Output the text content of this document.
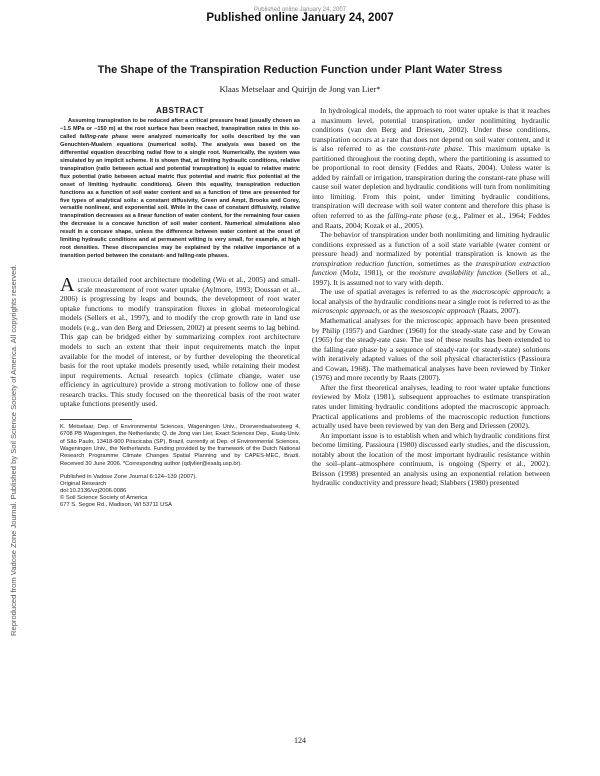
Published online January 24, 2007
Published online January 24, 2007
Reproduced from Vadose Zone Journal. Published by Soil Science Society of America. All copyrights reserved.
The Shape of the Transpiration Reduction Function under Plant Water Stress
Klaas Metselaar and Quirijn de Jong van Lier*
ABSTRACT

Assuming transpiration to be reduced after a critical pressure head (usually chosen as −1.5 MPa or −150 m) at the root surface has been reached, transpiration rates in this so-called falling-rate phase were analyzed numerically for soils described by the van Genuchten-Mualem equations (numerical soils). The analysis was based on the differential equation describing radial flow to a single root. Numerically, the system was simulated by an implicit scheme. It is shown that, at limiting hydraulic conditions, relative transpiration (ratio between actual and potential transpiration) is equal to relative matric flux potential (ratio between actual matric flux potential and matric flux potential at the onset of limiting hydraulic conditions). Given this equality, transpiration reduction functions as a function of soil water content and as a function of time are presented for five types of analytical soils: a constant diffusivity, Green and Ampt, Brooks and Corey, versatile nonlinear, and exponential soil. While in the case of constant diffusivity, relative transpiration decreases as a linear function of water content, for the remaining four cases the decrease is a concave function of soil water content. Numerical simulations also result in a concave shape, unless the difference between water content at the onset of limiting hydraulic conditions and at permanent wilting is very small, for example, at high root densities. These discrepancies may be explained by the relative importance of a transition period between the constant- and falling-rate phases.

Although detailed root architecture modeling (Wu et al., 2005) and small-scale measurement of root water uptake (Aylmore, 1993; Doussan et al., 2006) is progressing by leaps and bounds, the development of root water uptake functions to modify transpiration fluxes in global meteorological models (Sellers et al., 1997), and to modify the crop growth rate in land use models (e.g., van den Berg and Driessen, 2002) at present seems to lag behind. This gap can be bridged either by summarizing complex root architecture models to such an extent that their input requirements match the input available for the model of interest, or by further developing the theoretical basis for the root uptake models presently used, while retaining their modest input requirements. Actual research topics (climate change, water use efficiency in agriculture) provide a strong motivation to follow one of these research tracks. This study focused on the theoretical basis of the root water uptake functions presently used.

K. Metselaar, Dep. of Environmental Sciences, Wageningen Univ., Droevendaalsesteeg 4, 6708 PB Wageningen, the Netherlands; Q. de Jong van Lier, Exact Sciences Dep., Esalq-Univ. of São Paulo, 13418-900 Piracicaba (SP), Brazil, currently at Dep. of Environmental Sciences, Wageningen Univ., the Netherlands. Funding provided by the framework of the Dutch National Research Programme Climate Changes Spatial Planning and by CAPES-MEC, Brazil. Received 30 June 2006. *Corresponding author (qdjvlier@esalq.usp.br).

Published in Vadose Zone Journal 6:124–139 (2007).
Original Research
doi:10.2136/vzj2006.0086
© Soil Science Society of America
677 S. Segoe Rd., Madison, WI 53711 USA

In hydrological models, the approach to root water uptake is that it reaches a maximum level, potential transpiration, under nonlimiting hydraulic conditions (van den Berg and Driessen, 2002). Under these conditions, transpiration occurs at a rate that does not depend on soil water content, and it is also referred to as the constant-rate phase. This maximum uptake is partitioned throughout the rooting depth, where the partitioning is assumed to be proportional to root density (Feddes and Raats, 2004). Unless water is added by rainfall or irrigation, transpiration during the constant-rate phase will cause soil water depletion and hydraulic conditions will turn from nonlimiting into limiting. From this point, under limiting hydraulic conditions, transpiration will decrease with soil water content and therefore this phase is often referred to as the falling-rate phase (e.g., Palmer et al., 1964; Feddes and Raats, 2004; Kozak et al., 2005).

The behavior of transpiration under both nonlimiting and limiting hydraulic conditions expressed as a function of a soil state variable (water content or pressure head) and normalized by potential transpiration is known as the transpiration reduction function, sometimes as the transpiration extraction function (Molz, 1981), or the moisture availability function (Sellers et al., 1997). It is assumed not to vary with depth.

The use of spatial averages is referred to as the macroscopic approach; a local analysis of the hydraulic conditions near a single root is referred to as the microscopic approach, or as the mesoscopic approach (Raats, 2007).

Mathematical analyses for the microscopic approach have been presented by Philip (1957) and Gardner (1960) for the steady-state case and by Cowan (1965) for the steady-rate case. The use of these results has been extended to the falling-rate phase by a sequence of steady-rate (or steady-state) solutions with iteratively adapted values of the soil physical characteristics (Passioura and Cowan, 1968). The mathematical analyses have been reviewed by Tinker (1976) and more recently by Raats (2007).

After the first theoretical analyses, leading to root water uptake functions reviewed by Molz (1981), subsequent approaches to estimate transpiration rates under limiting hydraulic conditions adopted the macroscopic approach. Practical applications and problems of the macroscopic reduction functions actually used have been reviewed by van den Berg and Driessen (2002).

An important issue is to establish when and which hydraulic conditions first become limiting. Passioura (1980) discussed early studies, and the discussion, notably about the location of the most important hydraulic resistance within the soil–plant–atmosphere continuum, is ongoing (Sperry et al., 2002). Brisson (1998) presented an analysis using an exponential relation between hydraulic conductivity and pressure head; Slabbers (1980) presented

124
